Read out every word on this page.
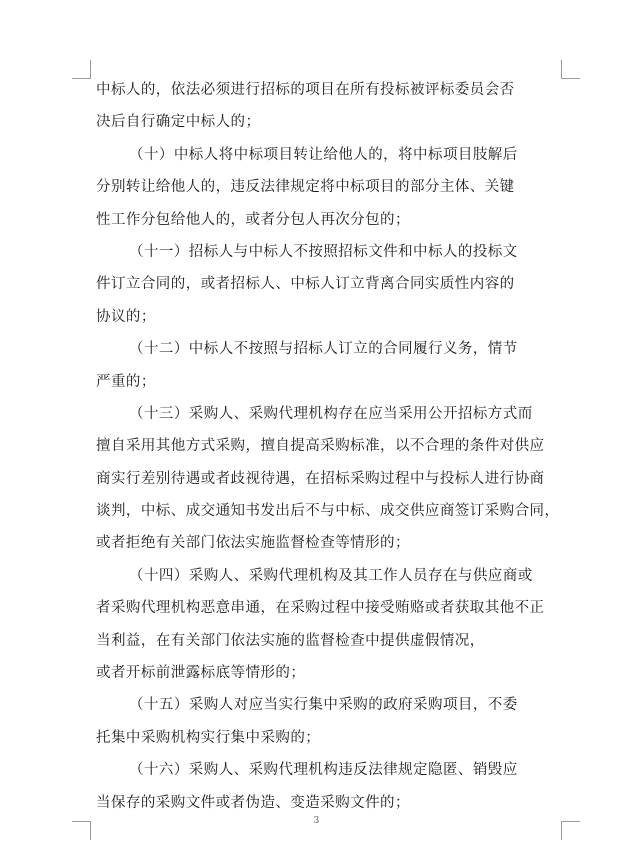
中标人的，依法必须进行招标的项目在所有投标被评标委员会否
决后自行确定中标人的；
（十）中标人将中标项目转让给他人的，将中标项目肢解后
分别转让给他人的，违反法律规定将中标项目的部分主体、关键
性工作分包给他人的，或者分包人再次分包的；
（十一）招标人与中标人不按照招标文件和中标人的投标文
件订立合同的，或者招标人、中标人订立背离合同实质性内容的
协议的；
（十二）中标人不按照与招标人订立的合同履行义务，情节
严重的；
（十三）采购人、采购代理机构存在应当采用公开招标方式而
擅自采用其他方式采购，擅自提高采购标准，以不合理的条件对供应
商实行差别待遇或者歧视待遇，在招标采购过程中与投标人进行协商
谈判，中标、成交通知书发出后不与中标、成交供应商签订采购合同，
或者拒绝有关部门依法实施监督检查等情形的；
（十四）采购人、采购代理机构及其工作人员存在与供应商或
者采购代理机构恶意串通，在采购过程中接受贿赂或者获取其他不正
当利益，在有关部门依法实施的监督检查中提供虚假情况，
或者开标前泄露标底等情形的；
（十五）采购人对应当实行集中采购的政府采购项目，不委
托集中采购机构实行集中采购的；
（十六）采购人、采购代理机构违反法律规定隐匿、销毁应
当保存的采购文件或者伪造、变造采购文件的；
3
